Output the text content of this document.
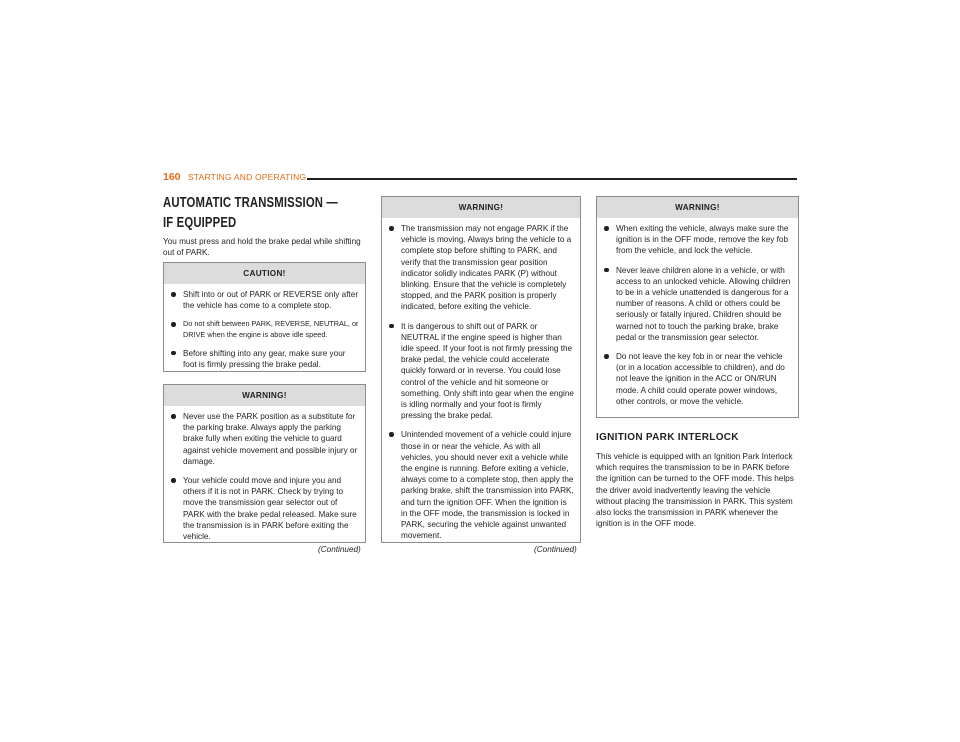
160 STARTING AND OPERATING
AUTOMATIC TRANSMISSION —
IF EQUIPPED
You must press and hold the brake pedal while shifting out of PARK.
CAUTION!
Shift into or out of PARK or REVERSE only after the vehicle has come to a complete stop.
Do not shift between PARK, REVERSE, NEUTRAL, or DRIVE when the engine is above idle speed.
Before shifting into any gear, make sure your foot is firmly pressing the brake pedal.
WARNING!
Never use the PARK position as a substitute for the parking brake. Always apply the parking brake fully when exiting the vehicle to guard against vehicle movement and possible injury or damage.
Your vehicle could move and injure you and others if it is not in PARK. Check by trying to move the transmission gear selector out of PARK with the brake pedal released. Make sure the transmission is in PARK before exiting the vehicle.
(Continued)
WARNING!
The transmission may not engage PARK if the vehicle is moving. Always bring the vehicle to a complete stop before shifting to PARK, and verify that the transmission gear position indicator solidly indicates PARK (P) without blinking. Ensure that the vehicle is completely stopped, and the PARK position is properly indicated, before exiting the vehicle.
It is dangerous to shift out of PARK or NEUTRAL if the engine speed is higher than idle speed. If your foot is not firmly pressing the brake pedal, the vehicle could accelerate quickly forward or in reverse. You could lose control of the vehicle and hit someone or something. Only shift into gear when the engine is idling normally and your foot is firmly pressing the brake pedal.
Unintended movement of a vehicle could injure those in or near the vehicle. As with all vehicles, you should never exit a vehicle while the engine is running. Before exiting a vehicle, always come to a complete stop, then apply the parking brake, shift the transmission into PARK, and turn the ignition OFF. When the ignition is in the OFF mode, the transmission is locked in PARK, securing the vehicle against unwanted movement.
(Continued)
WARNING!
When exiting the vehicle, always make sure the ignition is in the OFF mode, remove the key fob from the vehicle, and lock the vehicle.
Never leave children alone in a vehicle, or with access to an unlocked vehicle. Allowing children to be in a vehicle unattended is dangerous for a number of reasons. A child or others could be seriously or fatally injured. Children should be warned not to touch the parking brake, brake pedal or the transmission gear selector.
Do not leave the key fob in or near the vehicle (or in a location accessible to children), and do not leave the ignition in the ACC or ON/RUN mode. A child could operate power windows, other controls, or move the vehicle.
IGNITION PARK INTERLOCK
This vehicle is equipped with an Ignition Park Interlock which requires the transmission to be in PARK before the ignition can be turned to the OFF mode. This helps the driver avoid inadvertently leaving the vehicle without placing the transmission in PARK. This system also locks the transmission in PARK whenever the ignition is in the OFF mode.
